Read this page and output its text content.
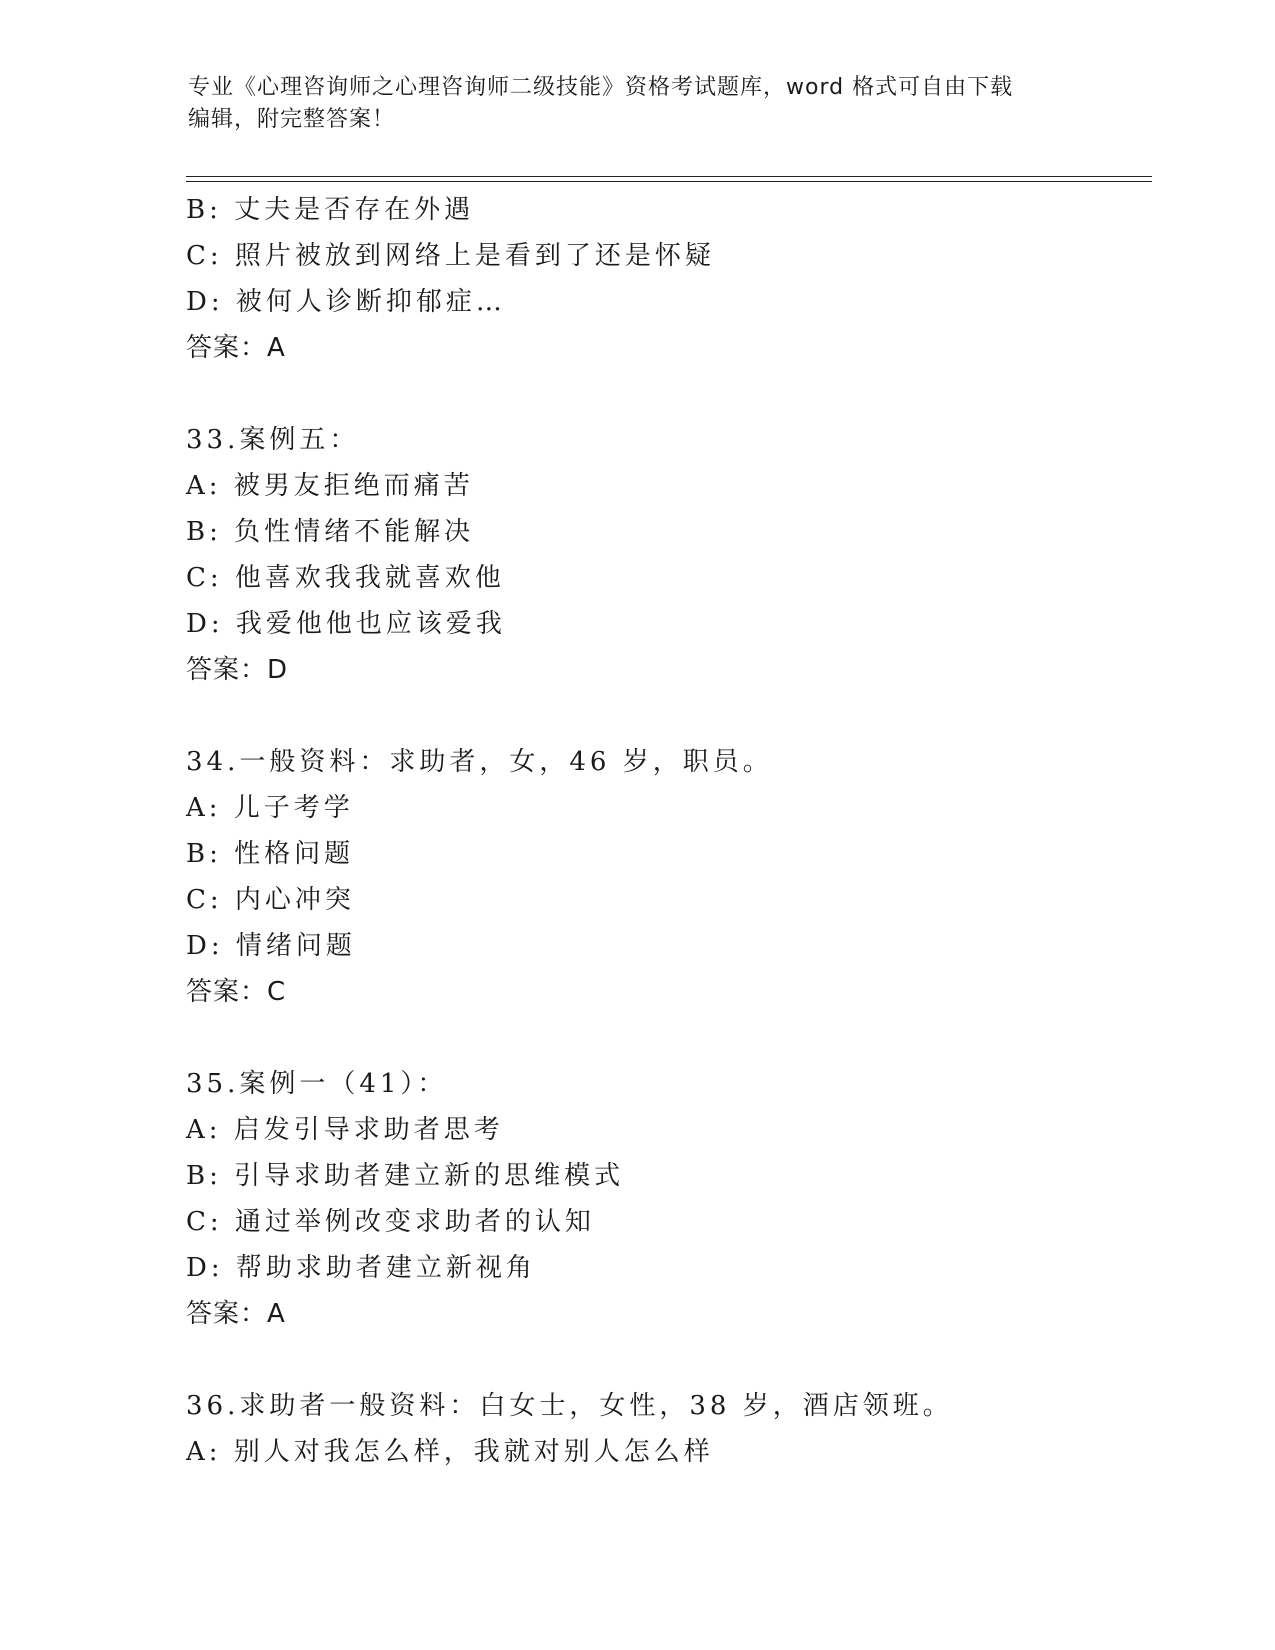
专业《心理咨询师之心理咨询师二级技能》资格考试题库，word 格式可自由下载
编辑，附完整答案！
B: 丈夫是否存在外遇
C: 照片被放到网络上是看到了还是怀疑
D: 被何人诊断抑郁症…
答案：A
33.案例五：
A: 被男友拒绝而痛苦
B: 负性情绪不能解决
C: 他喜欢我我就喜欢他
D: 我爱他他也应该爱我
答案：D
34.一般资料：求助者，女，46 岁，职员。
A: 儿子考学
B: 性格问题
C: 内心冲突
D: 情绪问题
答案：C
35.案例一（41）：
A: 启发引导求助者思考
B: 引导求助者建立新的思维模式
C: 通过举例改变求助者的认知
D: 帮助求助者建立新视角
答案：A
36.求助者一般资料：白女士，女性，38 岁，酒店领班。
A: 别人对我怎么样，我就对别人怎么样
